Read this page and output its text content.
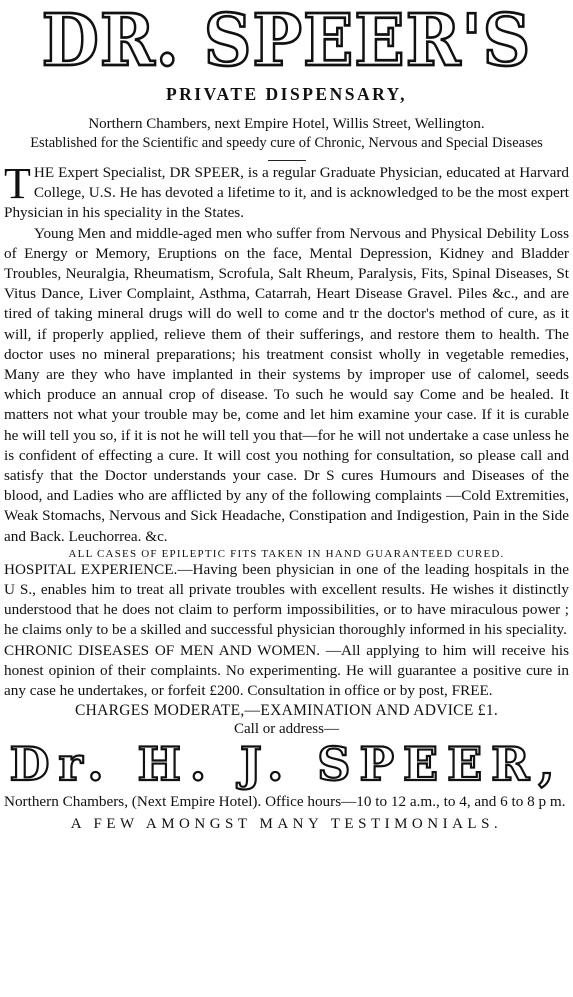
DR. SPEER'S
PRIVATE DISPENSARY,
Northern Chambers, next Empire Hotel, Willis Street, Wellington.
Established for the Scientific and speedy cure of Chronic, Nervous and Special Diseases

THE Expert Specialist, DR SPEER, is a regular Graduate Physician, educated at Harvard College, U.S. He has devoted a lifetime to it, and is acknowledged to be the most expert Physician in his speciality in the States.

Young Men and middle-aged men who suffer from Nervous and Physical Debility Loss of Energy or Memory, Eruptions on the face, Mental Depression, Kidney and Bladder Troubles, Neuralgia, Rheumatism, Scrofula, Salt Rheum, Paralysis, Fits, Spinal Diseases, St Vitus Dance, Liver Complaint, Asthma, Catarrah, Heart Disease Gravel. Piles &c., and are tired of taking mineral drugs will do well to come and tr the doctor's method of cure, as it will, if properly applied, relieve them of their sufferings, and restore them to health. The doctor uses no mineral preparations; his treatment consist wholly in vegetable remedies, Many are they who have implanted in their systems by improper use of calomel, seeds which produce an annual crop of disease. To such he would say Come and be healed. It matters not what your trouble may be, come and let him examine your case. If it is curable he will tell you so, if it is not he will tell you that—for he will not undertake a case unless he is confident of effecting a cure. It will cost you nothing for consultation, so please call and satisfy that the Doctor understands your case. Dr S cures Humours and Diseases of the blood, and Ladies who are afflicted by any of the following complaints —Cold Extremities, Weak Stomachs, Nervous and Sick Headache, Constipation and Indigestion, Pain in the Side and Back. Leuchorrea. &c.

ALL CASES OF EPILEPTIC FITS TAKEN IN HAND GUARANTEED CURED.

HOSPITAL EXPERIENCE.—Having been physician in one of the leading hospitals in the U S., enables him to treat all private troubles with excellent results. He wishes it distinctly understood that he does not claim to perform impossibilities, or to have miraculous power ; he claims only to be a skilled and successful physician thoroughly informed in his speciality.

CHRONIC DISEASES OF MEN AND WOMEN. —All applying to him will receive his honest opinion of their complaints. No experimenting. He will guarantee a positive cure in any case he undertakes, or forfeit £200. Consultation in office or by post, FREE.

CHARGES MODERATE,—EXAMINATION AND ADVICE £1.
Call or address—
Dr. H. J. SPEER,
Northern Chambers, (Next Empire Hotel). Office hours—10 to 12 a.m., to 4, and 6 to 8 p m.
A FEW AMONGST MANY TESTIMONIALS.
